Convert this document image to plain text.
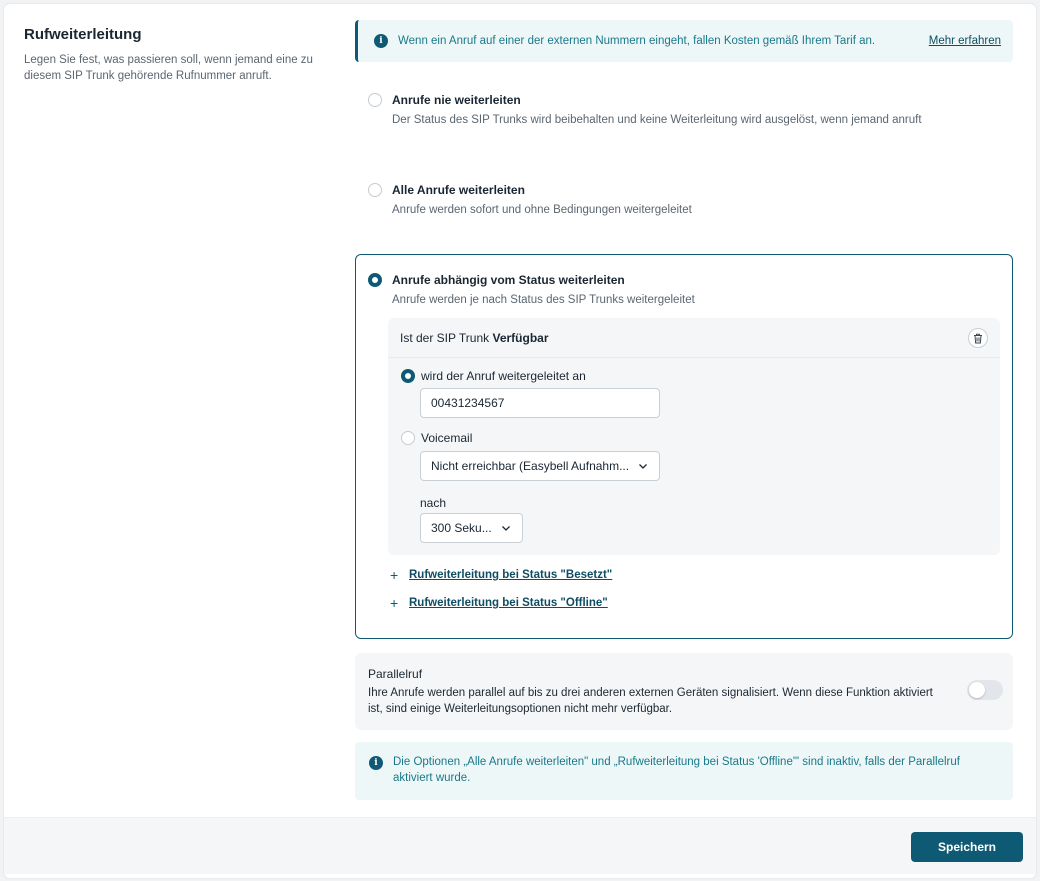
Rufweiterleitung
Legen Sie fest, was passieren soll, wenn jemand eine zu diesem SIP Trunk gehörende Rufnummer anruft.
i	Wenn ein Anruf auf einer der externen Nummern eingeht, fallen Kosten gemäß Ihrem Tarif an.	Mehr erfahren
Anrufe nie weiterleiten
Der Status des SIP Trunks wird beibehalten und keine Weiterleitung wird ausgelöst, wenn jemand anruft
Alle Anrufe weiterleiten
Anrufe werden sofort und ohne Bedingungen weitergeleitet
Anrufe abhängig vom Status weiterleiten
Anrufe werden je nach Status des SIP Trunks weitergeleitet
Ist der SIP Trunk Verfügbar
wird der Anruf weitergeleitet an
00431234567
Voicemail
Nicht erreichbar (Easybell Aufnahm...
nach
300 Seku...
+ Rufweiterleitung bei Status "Besetzt"
+ Rufweiterleitung bei Status "Offline"
Parallelruf
Ihre Anrufe werden parallel auf bis zu drei anderen externen Geräten signalisiert. Wenn diese Funktion aktiviert ist, sind einige Weiterleitungsoptionen nicht mehr verfügbar.
i	Die Optionen „Alle Anrufe weiterleiten" und „Rufweiterleitung bei Status 'Offline'" sind inaktiv, falls der Parallelruf aktiviert wurde.
Speichern
